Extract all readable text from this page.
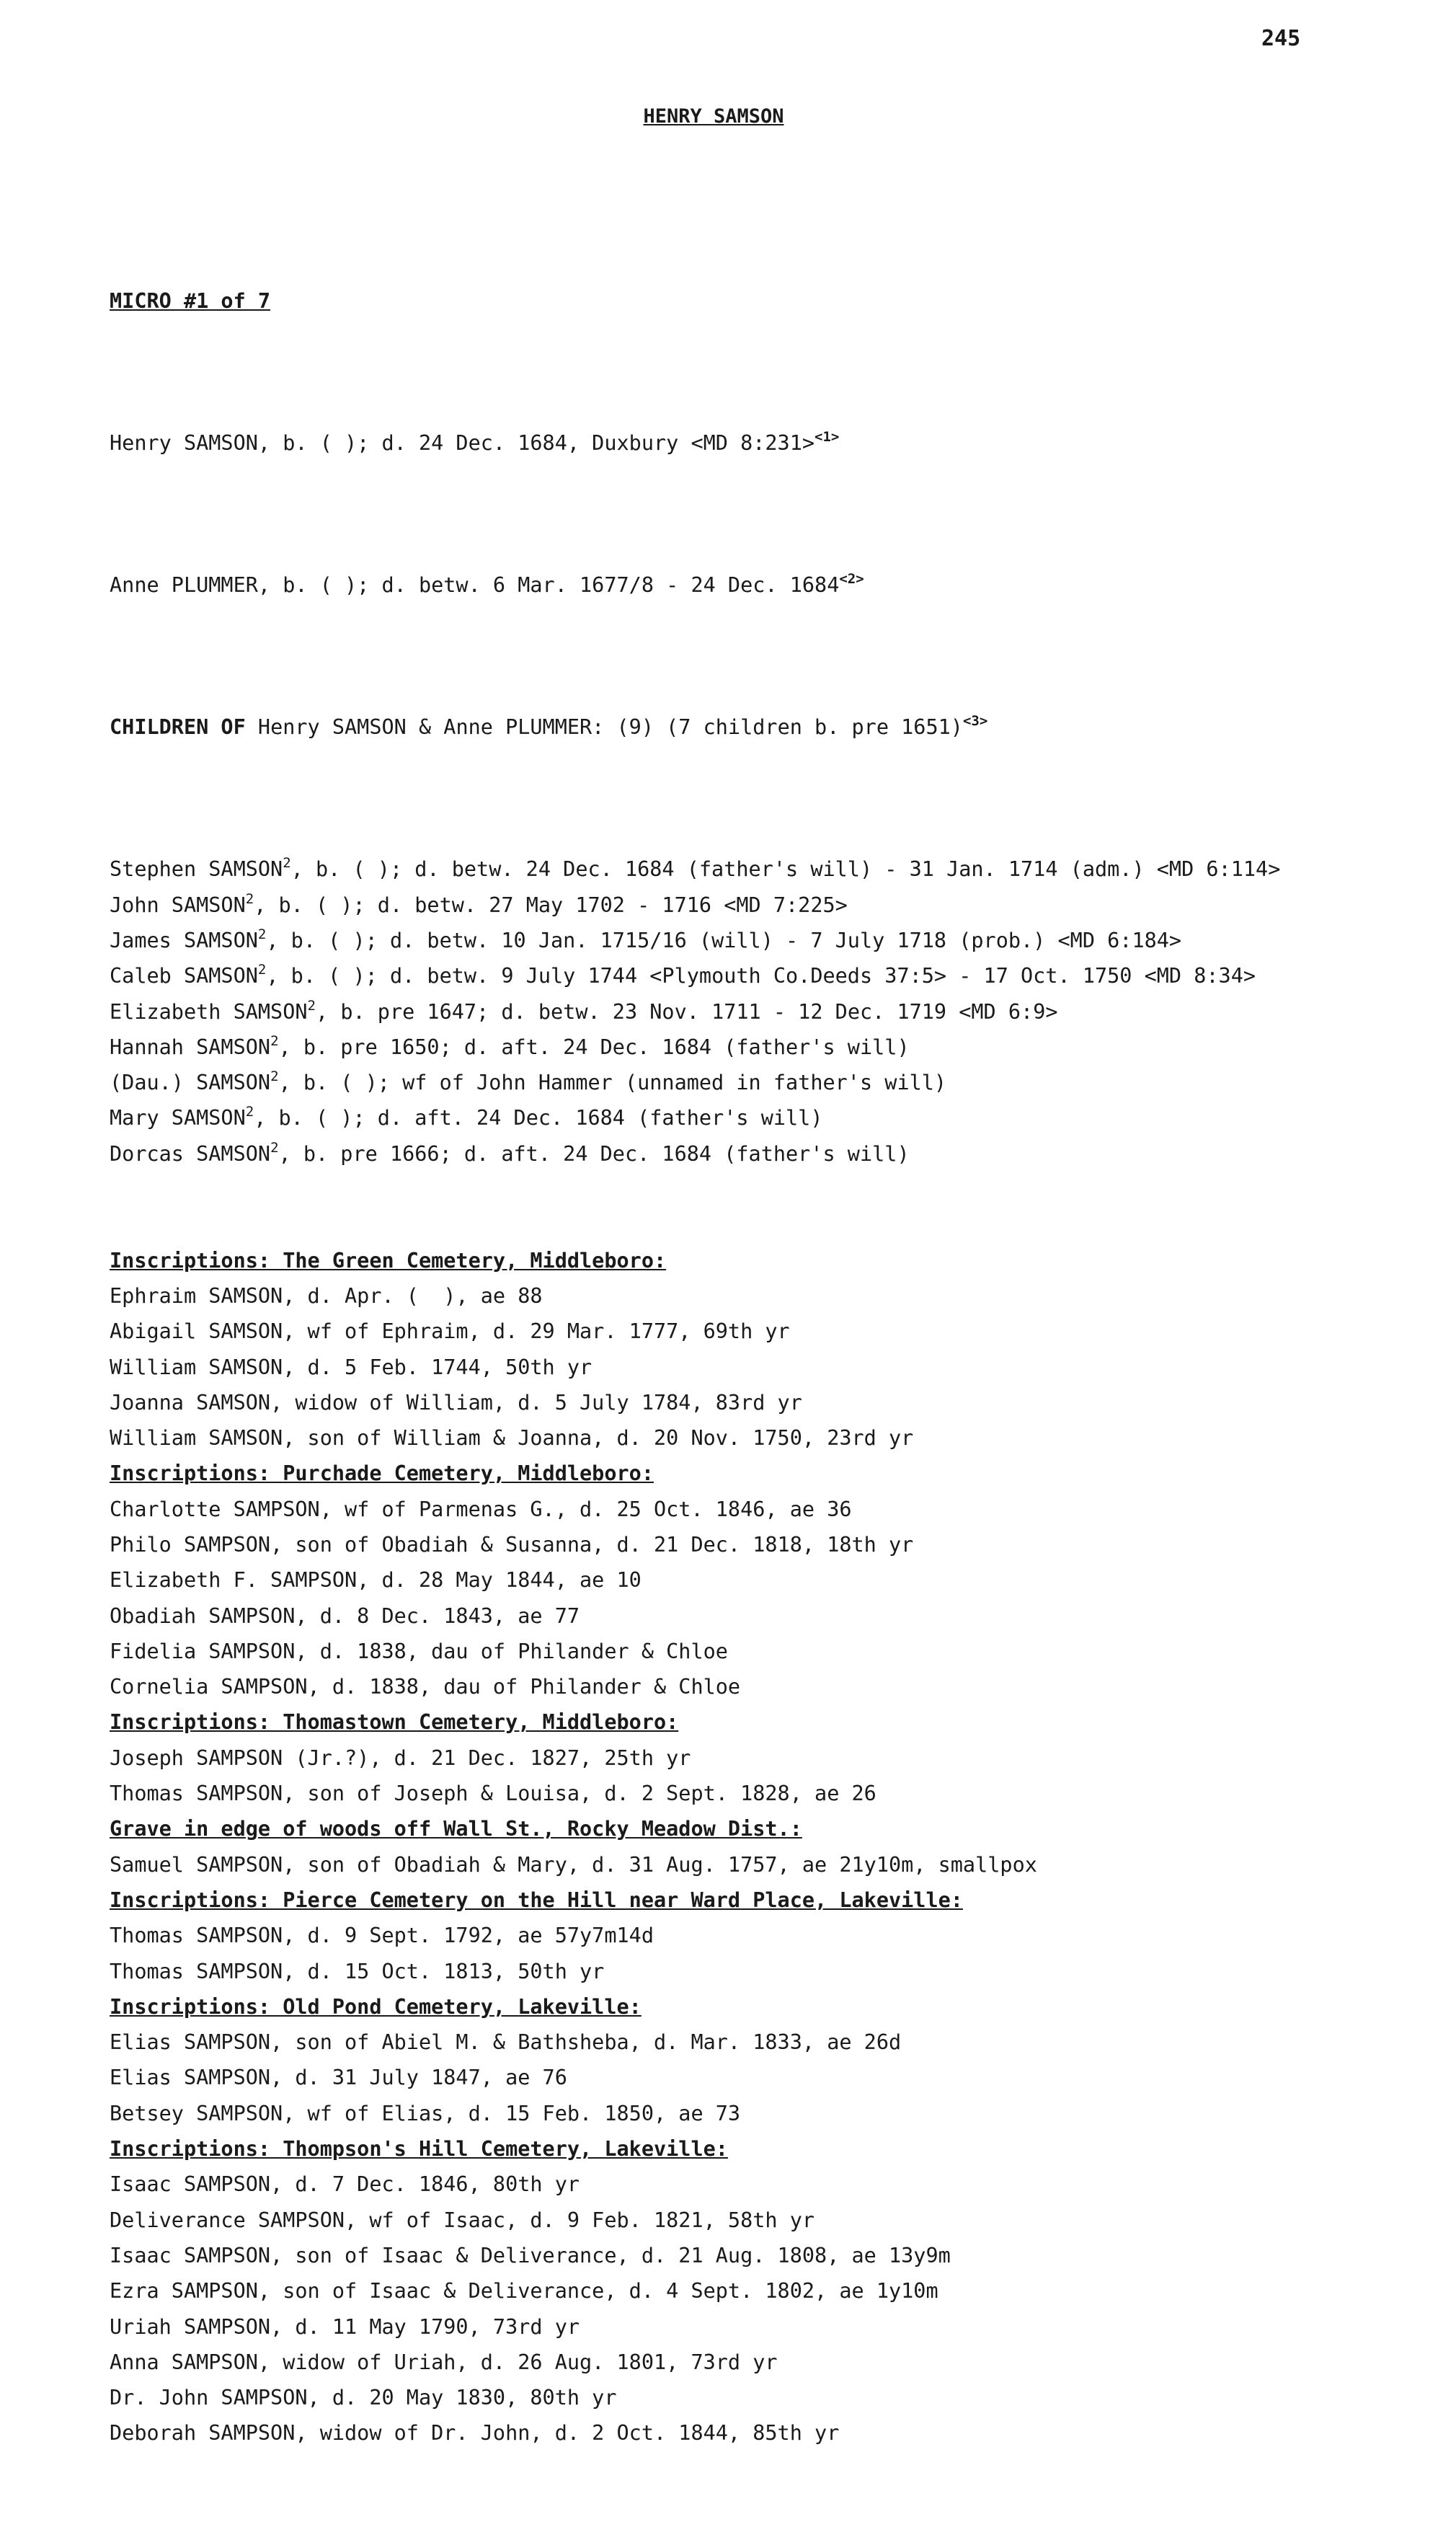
245
HENRY SAMSON

MICRO #1 of 7

Henry SAMSON, b. ( ); d. 24 Dec. 1684, Duxbury <MD 8:231>$^{<1>}$

Anne PLUMMER, b. ( ); d. betw. 6 Mar. 1677/8 - 24 Dec. $1684^{<2>}$

CHILDREN OF Henry SAMSON & Anne PLUMMER: (9) (7 children b. pre 1651)$^{<3>}$

Stephen SAMSON$^2$, b. ( ); d. betw. 24 Dec. 1684 (father's will) - 31 Jan. 1714 (adm.) <MD 6:114>
John SAMSON$^2$, b. ( ); d. betw. 27 May 1702 - 1716 <MD 7:225>
James SAMSON$^2$, b. ( ); d. betw. 10 Jan. 1715/16 (will) - 7 July 1718 (prob.) <MD 6:184>
Caleb SAMSON$^2$, b. ( ); d. betw. 9 July 1744 <Plymouth Co.Deeds 37:5> - 17 Oct. 1750 <MD 8:34>
Elizabeth SAMSON$^2$, b. pre 1647; d. betw. 23 Nov. 1711 - 12 Dec. 1719 <MD 6:9>
Hannah SAMSON$^2$, b. pre 1650; d. aft. 24 Dec. 1684 (father's will)
(Dau.) SAMSON$^2$, b. ( ); wf of John Hammer (unnamed in father's will)
Mary SAMSON$^2$, b. ( ); d. aft. 24 Dec. 1684 (father's will)
Dorcas SAMSON$^2$, b. pre 1666; d. aft. 24 Dec. 1684 (father's will)

Inscriptions: The Green Cemetery, Middleboro:
Ephraim SAMSON, d. Apr. (  ), ae 88
Abigail SAMSON, wf of Ephraim, d. 29 Mar. 1777, 69th yr
William SAMSON, d. 5 Feb. 1744, 50th yr
Joanna SAMSON, widow of William, d. 5 July 1784, 83rd yr
William SAMSON, son of William & Joanna, d. 20 Nov. 1750, 23rd yr
Inscriptions: Purchade Cemetery, Middleboro:
Charlotte SAMPSON, wf of Parmenas G., d. 25 Oct. 1846, ae 36
Philo SAMPSON, son of Obadiah & Susanna, d. 21 Dec. 1818, 18th yr
Elizabeth F. SAMPSON, d. 28 May 1844, ae 10
Obadiah SAMPSON, d. 8 Dec. 1843, ae 77
Fidelia SAMPSON, d. 1838, dau of Philander & Chloe
Cornelia SAMPSON, d. 1838, dau of Philander & Chloe
Inscriptions: Thomastown Cemetery, Middleboro:
Joseph SAMPSON (Jr.?), d. 21 Dec. 1827, 25th yr
Thomas SAMPSON, son of Joseph & Louisa, d. 2 Sept. 1828, ae 26
Grave in edge of woods off Wall St., Rocky Meadow Dist.:
Samuel SAMPSON, son of Obadiah & Mary, d. 31 Aug. 1757, ae 21y10m, smallpox
Inscriptions: Pierce Cemetery on the Hill near Ward Place, Lakeville:
Thomas SAMPSON, d. 9 Sept. 1792, ae 57y7m14d
Thomas SAMPSON, d. 15 Oct. 1813, 50th yr
Inscriptions: Old Pond Cemetery, Lakeville:
Elias SAMPSON, son of Abiel M. & Bathsheba, d. Mar. 1833, ae 26d
Elias SAMPSON, d. 31 July 1847, ae 76
Betsey SAMPSON, wf of Elias, d. 15 Feb. 1850, ae 73
Inscriptions: Thompson's Hill Cemetery, Lakeville:
Isaac SAMPSON, d. 7 Dec. 1846, 80th yr
Deliverance SAMPSON, wf of Isaac, d. 9 Feb. 1821, 58th yr
Isaac SAMPSON, son of Isaac & Deliverance, d. 21 Aug. 1808, ae 13y9m
Ezra SAMPSON, son of Isaac & Deliverance, d. 4 Sept. 1802, ae 1y10m
Uriah SAMPSON, d. 11 May 1790, 73rd yr
Anna SAMPSON, widow of Uriah, d. 26 Aug. 1801, 73rd yr
Dr. John SAMPSON, d. 20 May 1830, 80th yr
Deborah SAMPSON, widow of Dr. John, d. 2 Oct. 1844, 85th yr
